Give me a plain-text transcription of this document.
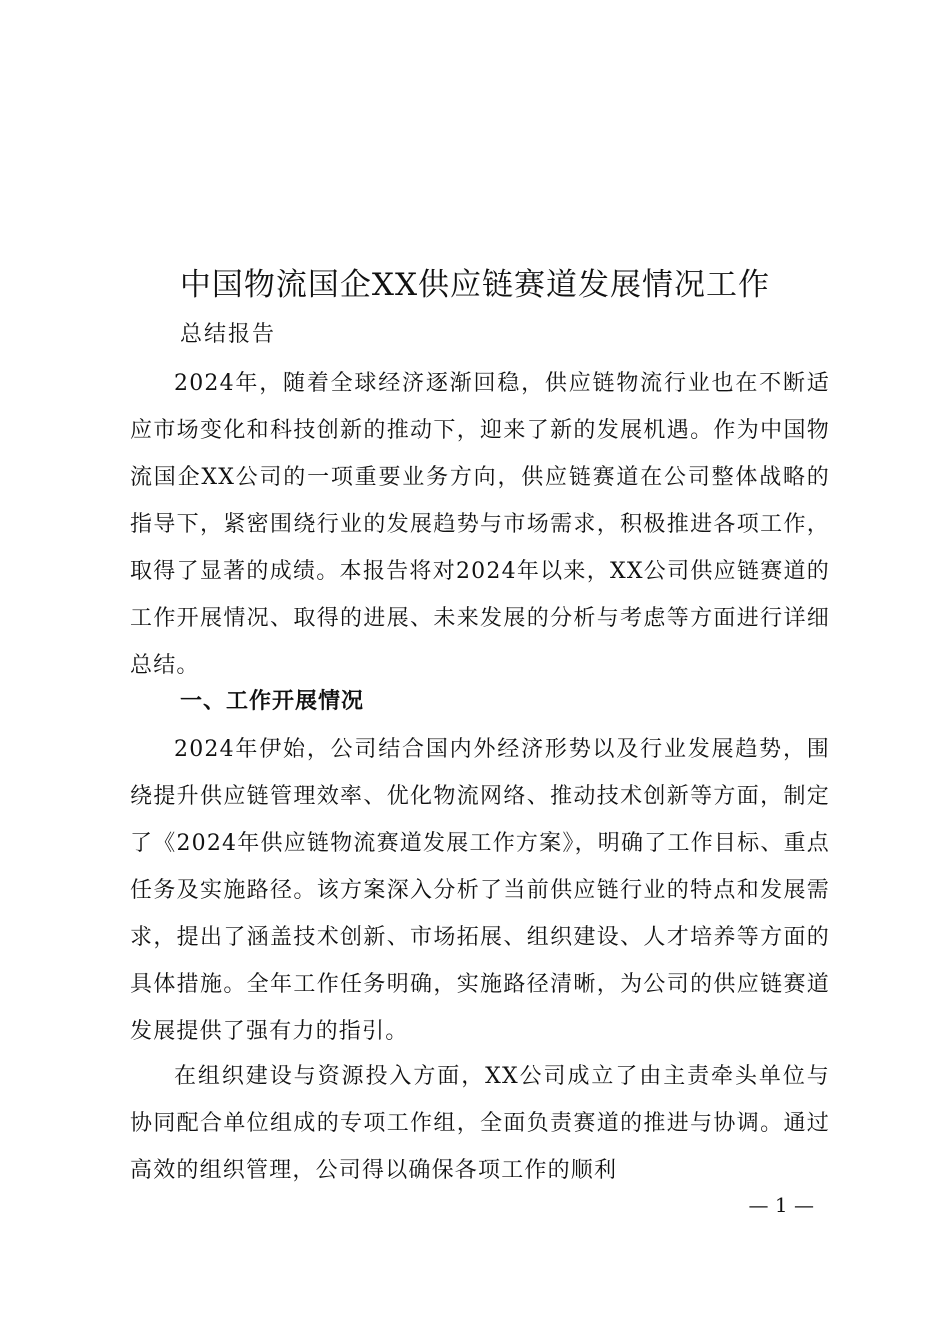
中国物流国企XX供应链赛道发展情况工作
总结报告

2024年，随着全球经济逐渐回稳，供应链物流行业也在不断适应市场变化和科技创新的推动下，迎来了新的发展机遇。作为中国物流国企XX公司的一项重要业务方向，供应链赛道在公司整体战略的指导下，紧密围绕行业的发展趋势与市场需求，积极推进各项工作，取得了显著的成绩。本报告将对2024年以来，XX公司供应链赛道的工作开展情况、取得的进展、未来发展的分析与考虑等方面进行详细总结。

一、工作开展情况

2024年伊始，公司结合国内外经济形势以及行业发展趋势，围绕提升供应链管理效率、优化物流网络、推动技术创新等方面，制定了《2024年供应链物流赛道发展工作方案》，明确了工作目标、重点任务及实施路径。该方案深入分析了当前供应链行业的特点和发展需求，提出了涵盖技术创新、市场拓展、组织建设、人才培养等方面的具体措施。全年工作任务明确，实施路径清晰，为公司的供应链赛道发展提供了强有力的指引。

在组织建设与资源投入方面，XX公司成立了由主责牵头单位与协同配合单位组成的专项工作组，全面负责赛道的推进与协调。通过高效的组织管理，公司得以确保各项工作的顺利

— 1 —
